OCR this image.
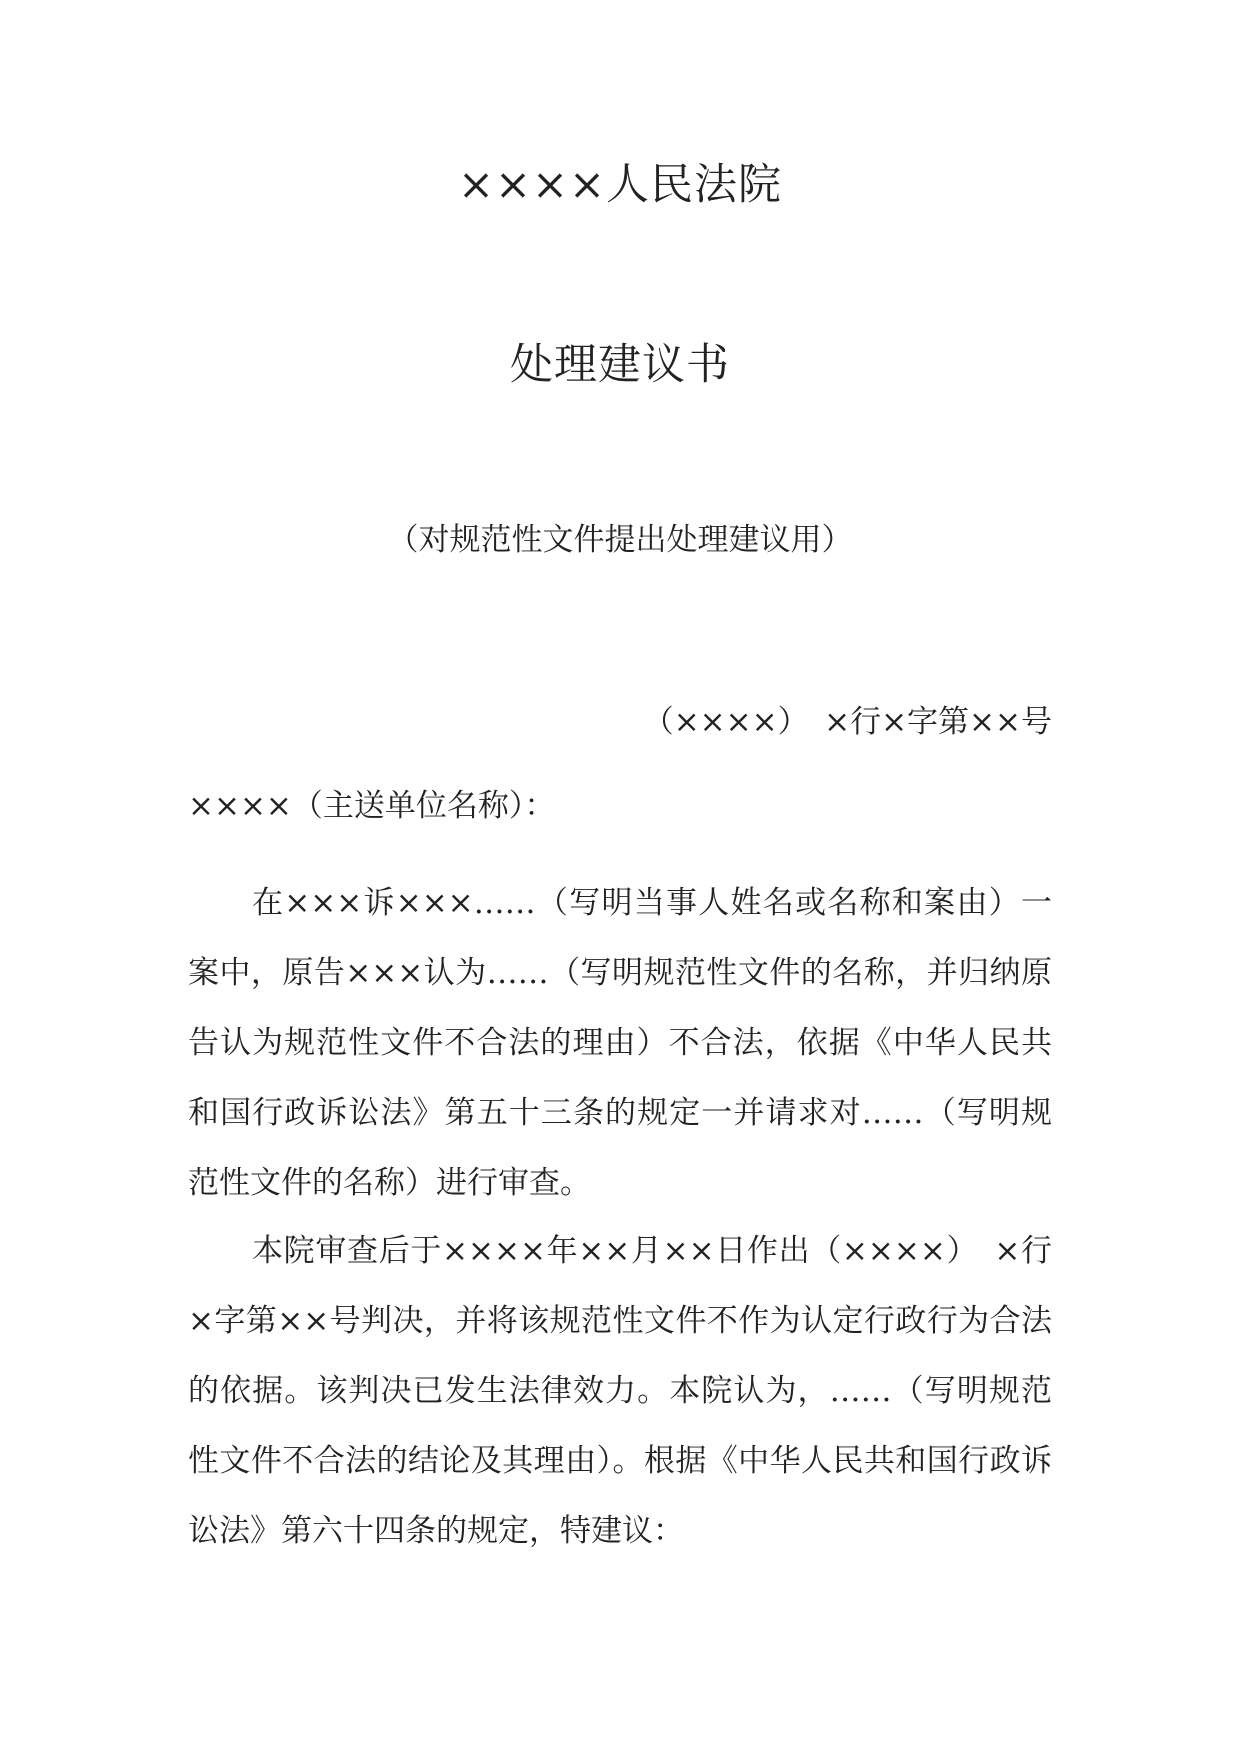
××××人民法院
处理建议书
（对规范性文件提出处理建议用）
（××××）　×行×字第××号
××××（主送单位名称）：

在×××诉×××……（写明当事人姓名或名称和案由）一案中，原告×××认为……（写明规范性文件的名称，并归纳原告认为规范性文件不合法的理由）不合法，依据《中华人民共和国行政诉讼法》第五十三条的规定一并请求对……（写明规范性文件的名称）进行审查。

本院审查后于××××年××月××日作出（××××）　×行×字第××号判决，并将该规范性文件不作为认定行政行为合法的依据。该判决已发生法律效力。本院认为，……（写明规范性文件不合法的结论及其理由）。根据《中华人民共和国行政诉讼法》第六十四条的规定，特建议：
